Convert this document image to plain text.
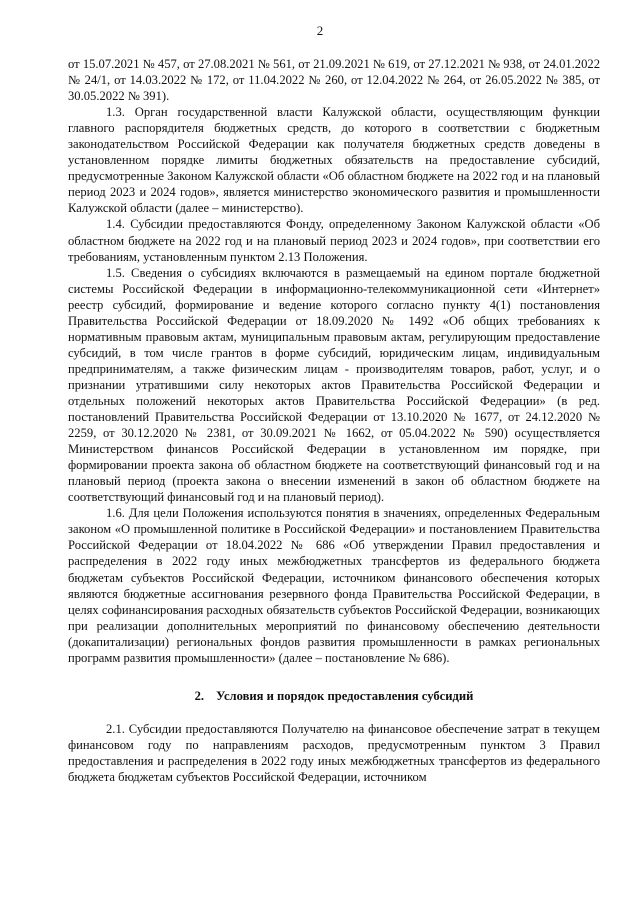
2

от 15.07.2021 № 457, от 27.08.2021 № 561, от 21.09.2021 № 619, от 27.12.2021 № 938, от 24.01.2022 № 24/1, от 14.03.2022 № 172, от 11.04.2022 № 260, от 12.04.2022 № 264, от 26.05.2022 № 385, от 30.05.2022 № 391).

1.3. Орган государственной власти Калужской области, осуществляющим функции главного распорядителя бюджетных средств, до которого в соответствии с бюджетным законодательством Российской Федерации как получателя бюджетных средств доведены в установленном порядке лимиты бюджетных обязательств на предоставление субсидий, предусмотренные Законом Калужской области «Об областном бюджете на 2022 год и на плановый период 2023 и 2024 годов», является министерство экономического развития и промышленности Калужской области (далее – министерство).

1.4. Субсидии предоставляются Фонду, определенному Законом Калужской области «Об областном бюджете на 2022 год и на плановый период 2023 и 2024 годов», при соответствии его требованиям, установленным пунктом 2.13 Положения.

1.5. Сведения о субсидиях включаются в размещаемый на едином портале бюджетной системы Российской Федерации в информационно-телекоммуникационной сети «Интернет» реестр субсидий, формирование и ведение которого согласно пункту 4(1) постановления Правительства Российской Федерации от 18.09.2020 № 1492 «Об общих требованиях к нормативным правовым актам, муниципальным правовым актам, регулирующим предоставление субсидий, в том числе грантов в форме субсидий, юридическим лицам, индивидуальным предпринимателям, а также физическим лицам - производителям товаров, работ, услуг, и о признании утратившими силу некоторых актов Правительства Российской Федерации и отдельных положений некоторых актов Правительства Российской Федерации» (в ред. постановлений Правительства Российской Федерации от 13.10.2020 № 1677, от 24.12.2020 № 2259, от 30.12.2020 № 2381, от 30.09.2021 № 1662, от 05.04.2022 № 590) осуществляется Министерством финансов Российской Федерации в установленном им порядке, при формировании проекта закона об областном бюджете на соответствующий финансовый год и на плановый период (проекта закона о внесении изменений в закон об областном бюджете на соответствующий финансовый год и на плановый период).

1.6. Для цели Положения используются понятия в значениях, определенных Федеральным законом «О промышленной политике в Российской Федерации» и постановлением Правительства Российской Федерации от 18.04.2022 № 686 «Об утверждении Правил предоставления и распределения в 2022 году иных межбюджетных трансфертов из федерального бюджета бюджетам субъектов Российской Федерации, источником финансового обеспечения которых являются бюджетные ассигнования резервного фонда Правительства Российской Федерации, в целях софинансирования расходных обязательств субъектов Российской Федерации, возникающих при реализации дополнительных мероприятий по финансовому обеспечению деятельности (докапитализации) региональных фондов развития промышленности в рамках региональных программ развития промышленности» (далее – постановление № 686).

2. Условия и порядок предоставления субсидий

2.1. Субсидии предоставляются Получателю на финансовое обеспечение затрат в текущем финансовом году по направлениям расходов, предусмотренным пунктом 3 Правил предоставления и распределения в 2022 году иных межбюджетных трансфертов из федерального бюджета бюджетам субъектов Российской Федерации, источником
